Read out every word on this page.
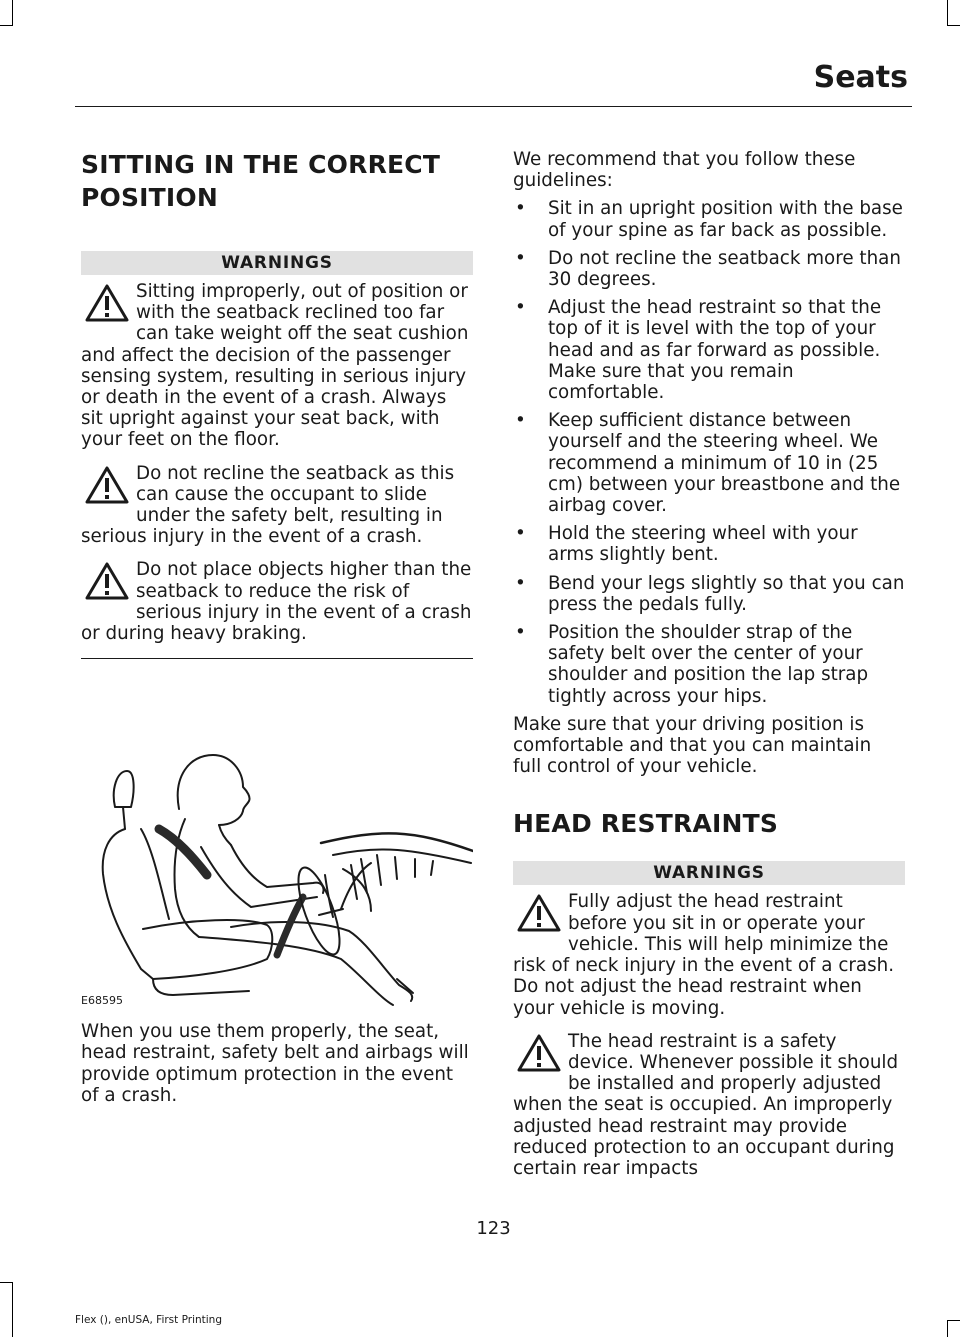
Seats
SITTING IN THE CORRECT
POSITION
WARNINGS
Sitting improperly, out of position or with the seatback reclined too far can take weight off the seat cushion and affect the decision of the passenger sensing system, resulting in serious injury or death in the event of a crash. Always sit upright against your seat back, with your feet on the floor.
Do not recline the seatback as this can cause the occupant to slide under the safety belt, resulting in serious injury in the event of a crash.
Do not place objects higher than the seatback to reduce the risk of serious injury in the event of a crash or during heavy braking.
E68595

When you use them properly, the seat, head restraint, safety belt and airbags will provide optimum protection in the event of a crash.

We recommend that you follow these guidelines:

• Sit in an upright position with the base of your spine as far back as possible.
• Do not recline the seatback more than 30 degrees.
• Adjust the head restraint so that the top of it is level with the top of your head and as far forward as possible. Make sure that you remain comfortable.
• Keep sufficient distance between yourself and the steering wheel. We recommend a minimum of 10 in (25 cm) between your breastbone and the airbag cover.
• Hold the steering wheel with your arms slightly bent.
• Bend your legs slightly so that you can press the pedals fully.
• Position the shoulder strap of the safety belt over the center of your shoulder and position the lap strap tightly across your hips.

Make sure that your driving position is comfortable and that you can maintain full control of your vehicle.

HEAD RESTRAINTS
WARNINGS
Fully adjust the head restraint before you sit in or operate your vehicle. This will help minimize the risk of neck injury in the event of a crash. Do not adjust the head restraint when your vehicle is moving.
The head restraint is a safety device. Whenever possible it should be installed and properly adjusted when the seat is occupied. An improperly adjusted head restraint may provide reduced protection to an occupant during certain rear impacts
123
Flex (), enUSA, First Printing
